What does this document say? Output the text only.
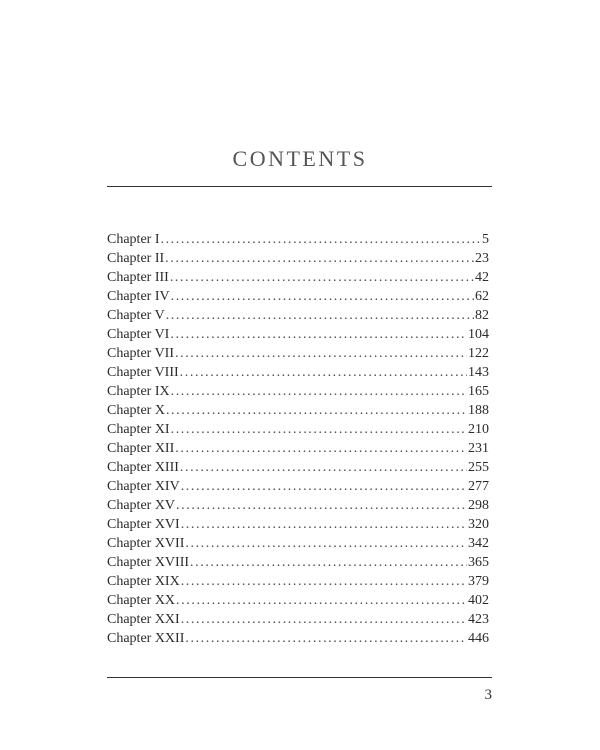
CONTENTS
Chapter I .....	5
Chapter II .....	23
Chapter III .....	42
Chapter IV .....	62
Chapter V .....	82
Chapter VI .....	104
Chapter VII .....	122
Chapter VIII .....	143
Chapter IX .....	165
Chapter X .....	188
Chapter XI .....	210
Chapter XII .....	231
Chapter XIII .....	255
Chapter XIV .....	277
Chapter XV .....	298
Chapter XVI .....	320
Chapter XVII .....	342
Chapter XVIII .....	365
Chapter XIX .....	379
Chapter XX .....	402
Chapter XXI .....	423
Chapter XXII .....	446
3
